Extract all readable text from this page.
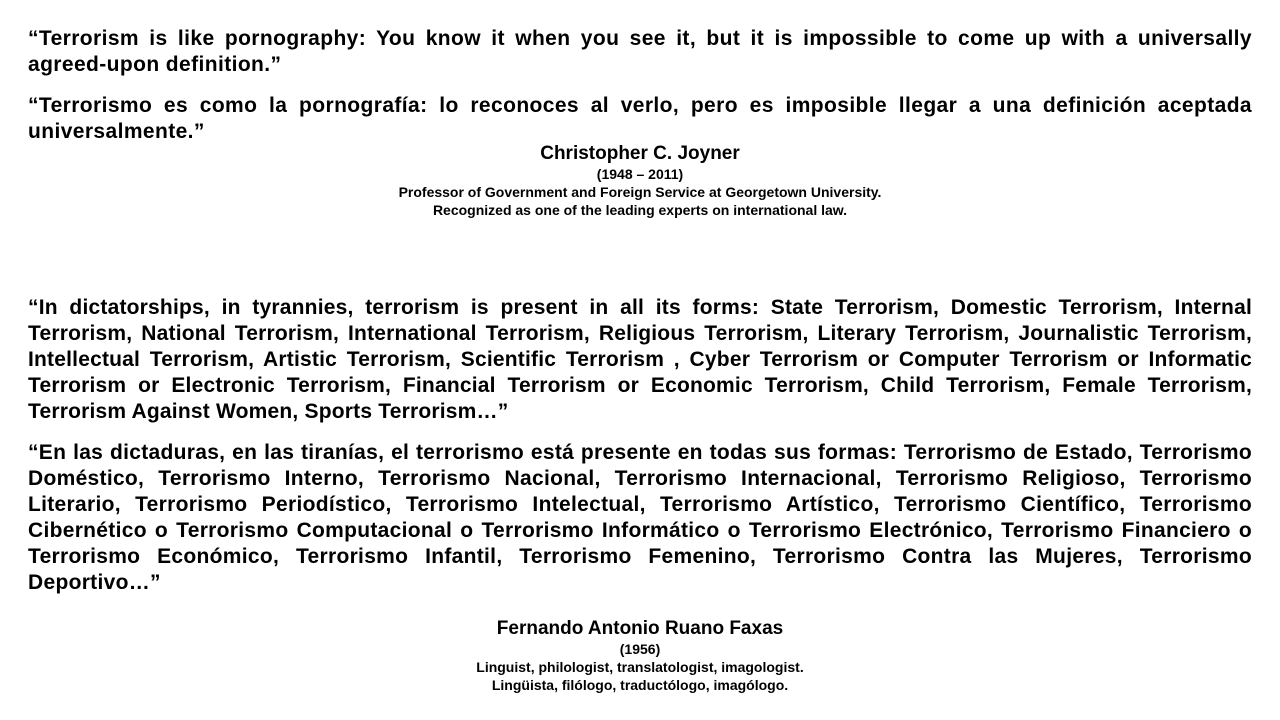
“Terrorism is like pornography: You know it when you see it, but it is impossible to come up with a universally agreed-upon definition.”

“Terrorismo es como la pornografía: lo reconoces al verlo, pero es imposible llegar a una definición aceptada universalmente.”

Christopher C. Joyner
(1948 – 2011)
Professor of Government and Foreign Service at Georgetown University.
Recognized as one of the leading experts on international law.

“In dictatorships, in tyrannies, terrorism is present in all its forms: State Terrorism, Domestic Terrorism, Internal Terrorism, National Terrorism, International Terrorism, Religious Terrorism, Literary Terrorism, Journalistic Terrorism, Intellectual Terrorism, Artistic Terrorism, Scientific Terrorism , Cyber Terrorism or Computer Terrorism or Informatic Terrorism or Electronic Terrorism, Financial Terrorism or Economic Terrorism, Child Terrorism, Female Terrorism, Terrorism Against Women, Sports Terrorism…”

“En las dictaduras, en las tiranías, el terrorismo está presente en todas sus formas: Terrorismo de Estado, Terrorismo Doméstico, Terrorismo Interno, Terrorismo Nacional, Terrorismo Internacional, Terrorismo Religioso, Terrorismo Literario, Terrorismo Periodístico, Terrorismo Intelectual, Terrorismo Artístico, Terrorismo Científico, Terrorismo Cibernético o Terrorismo Computacional o Terrorismo Informático o Terrorismo Electrónico, Terrorismo Financiero o Terrorismo Económico, Terrorismo Infantil, Terrorismo Femenino, Terrorismo Contra las Mujeres, Terrorismo Deportivo…”

Fernando Antonio Ruano Faxas
(1956)
Linguist, philologist, translatologist, imagologist.
Lingüista, filólogo, traductólogo, imagólogo.
